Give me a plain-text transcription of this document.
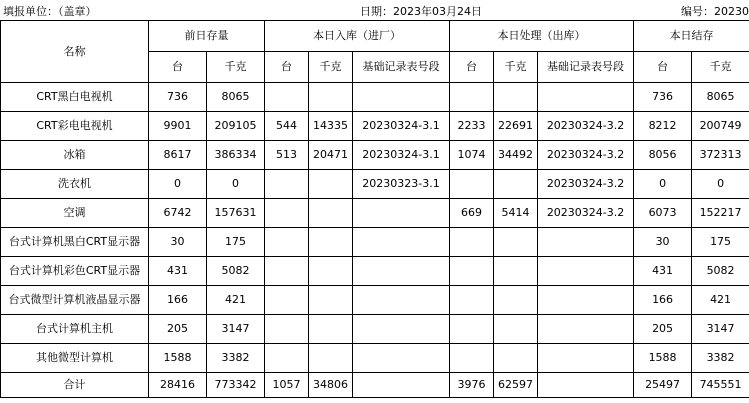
填报单位：（盖章）	日期：2023年03月24日	编号：20230
名称	前日存量		本日入库（进厂）			本日处理（出库）			本日结存	
	台	千克	台	千克	基础记录表号段	台	千克	基础记录表号段	台	千克
CRT黑白电视机	736	8065							736	8065
CRT彩电电视机	9901	209105	544	14335	20230324-3.1	2233	22691	20230324-3.2	8212	200749
冰箱	8617	386334	513	20471	20230324-3.1	1074	34492	20230324-3.2	8056	372313
洗衣机	0	0			20230323-3.1			20230324-3.2	0	0
空调	6742	157631				669	5414	20230324-3.2	6073	152217
台式计算机黑白CRT显示器	30	175							30	175
台式计算机彩色CRT显示器	431	5082							431	5082
台式微型计算机液晶显示器	166	421							166	421
台式计算机主机	205	3147							205	3147
其他微型计算机	1588	3382							1588	3382
合计	28416	773342	1057	34806		3976	62597		25497	745551
